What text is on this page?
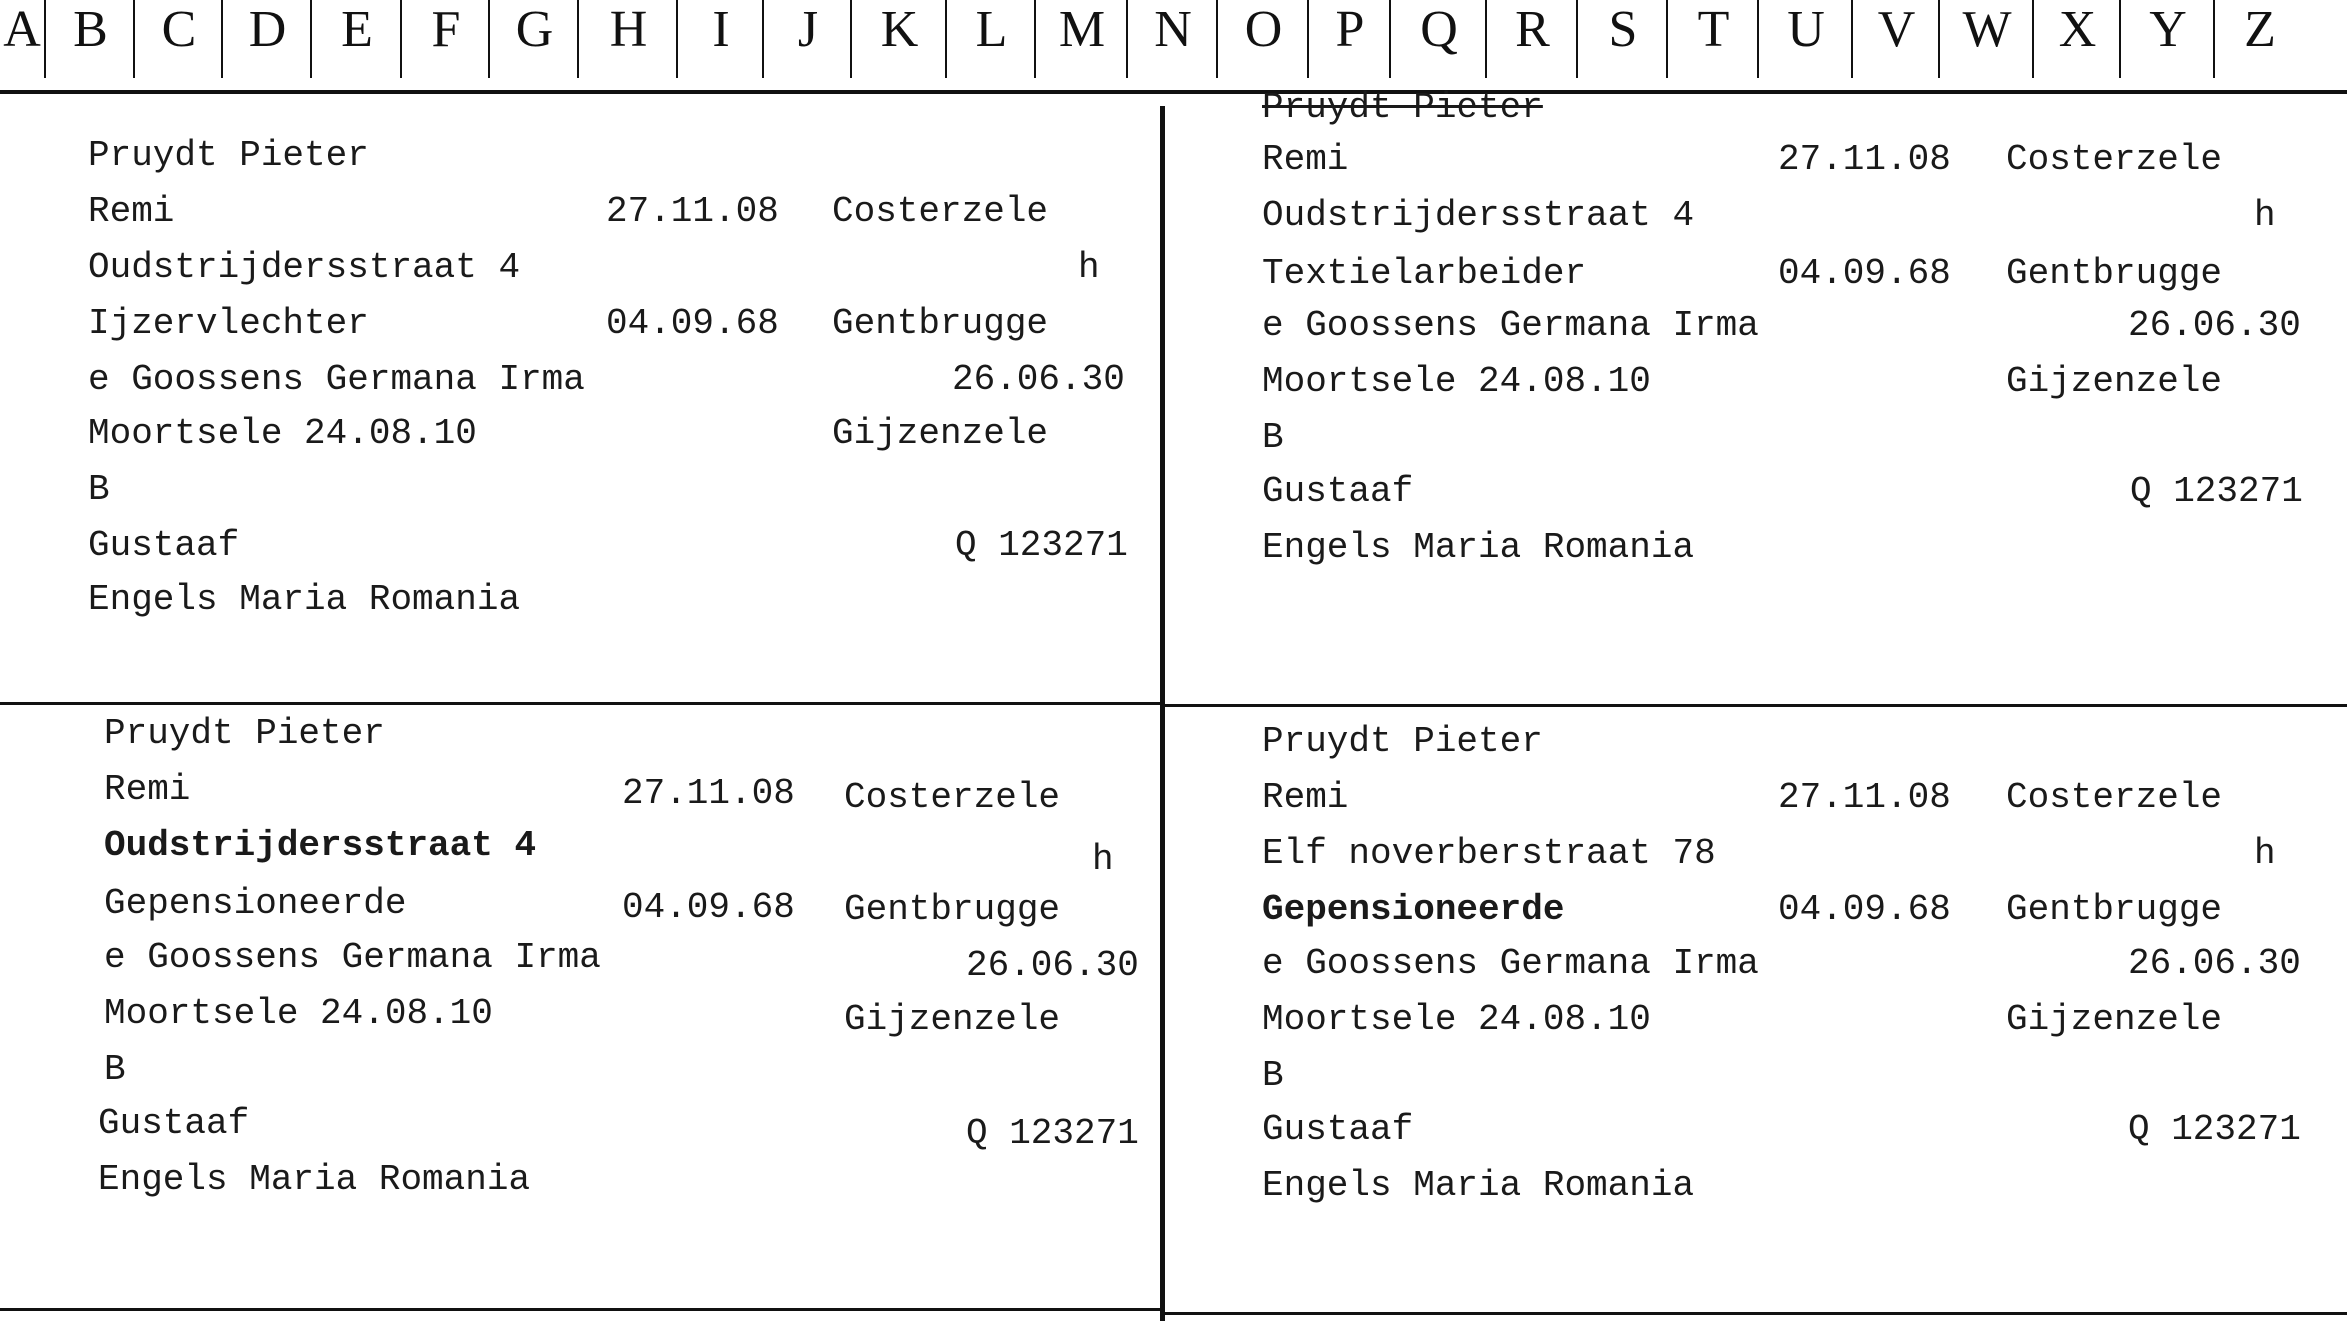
A B	C	D	E	F	G	H	I	J	K	L M N	O	P	Q	R	S	T	U	V W X	Y	Z
Pruydt Pieter
Remi	27.11.08 Costerzele
Oudstrijdersstraat 4	h
Ijzervlechter	04.09.68 Gentbrugge
e Goossens Germana Irma	26.06.30
Moortsele 24.08.10	Gijzenzele
B
Gustaaf	Q 123271
Engels Maria Romania
Pruydt Pieter
Remi	27.11.08 Costerzele
Oudstrijdersstraat 4	h
Textielarbeider	04.09.68 Gentbrugge
e Goossens Germana Irma	26.06.30
Moortsele 24.08.10	Gijzenzele
B
Gustaaf	Q 123271
Engels Maria Romania
Pruydt Pieter
Remi	27.11.08 Costerzele
Oudstrijdersstraat 4	h
Gepensioneerde	04.09.68 Gentbrugge
e Goossens Germana Irma	26.06.30
Moortsele 24.08.10	Gijzenzele
B
Gustaaf	Q 123271
Engels Maria Romania
Pruydt Pieter
Remi	27.11.08 Costerzele
Elf noverberstraat 78	h
Gepensioneerde	04.09.68 Gentbrugge
e Goossens Germana Irma	26.06.30
Moortsele 24.08.10	Gijzenzele
B
Gustaaf	Q 123271
Engels Maria Romania
